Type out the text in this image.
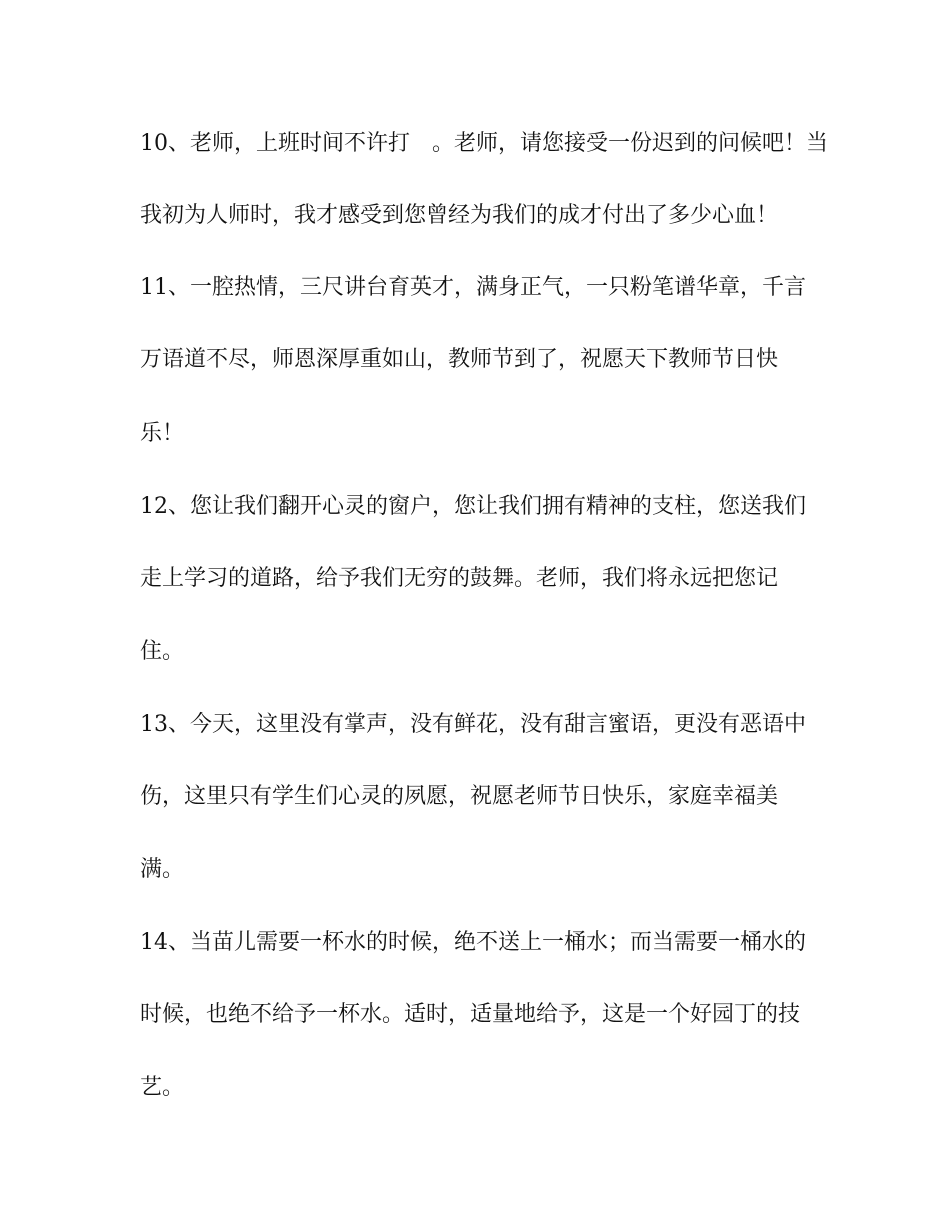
10、老师，上班时间不许打　。老师，请您接受一份迟到的问候吧！当
我初为人师时，我才感受到您曾经为我们的成才付出了多少心血！
11、一腔热情，三尺讲台育英才，满身正气，一只粉笔谱华章，千言
万语道不尽，师恩深厚重如山，教师节到了，祝愿天下教师节日快
乐！
12、您让我们翻开心灵的窗户，您让我们拥有精神的支柱，您送我们
走上学习的道路，给予我们无穷的鼓舞。老师，我们将永远把您记
住。
13、今天，这里没有掌声，没有鲜花，没有甜言蜜语，更没有恶语中
伤，这里只有学生们心灵的夙愿，祝愿老师节日快乐，家庭幸福美
满。
14、当苗儿需要一杯水的时候，绝不送上一桶水；而当需要一桶水的
时候，也绝不给予一杯水。适时，适量地给予，这是一个好园丁的技
艺。
